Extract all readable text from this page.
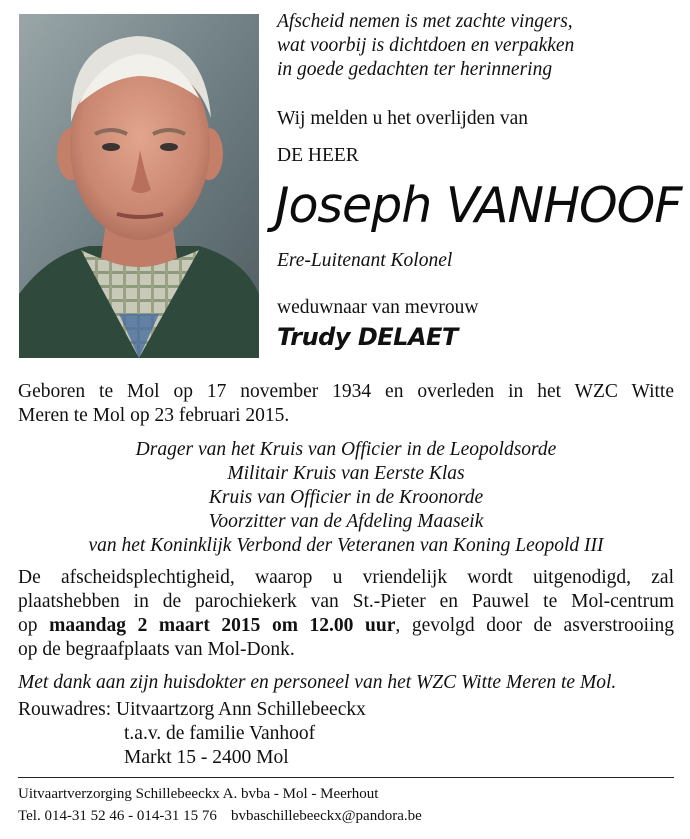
Afscheid nemen is met zachte vingers,
wat voorbij is dichtdoen en verpakken
in goede gedachten ter herinnering
Wij melden u het overlijden van
DE HEER
Joseph VANHOOF
Ere-Luitenant Kolonel
weduwnaar van mevrouw
Trudy DELAET
Geboren te Mol op 17 november 1934 en overleden in het WZC Witte
Meren te Mol op 23 februari 2015.
Drager van het Kruis van Officier in de Leopoldsorde
Militair Kruis van Eerste Klas
Kruis van Officier in de Kroonorde
Voorzitter van de Afdeling Maaseik
van het Koninklijk Verbond der Veteranen van Koning Leopold III
De afscheidsplechtigheid, waarop u vriendelijk wordt uitgenodigd, zal
plaatshebben in de parochiekerk van St.-Pieter en Pauwel te Mol-centrum
op maandag 2 maart 2015 om 12.00 uur, gevolgd door de asverstrooiing
op de begraafplaats van Mol-Donk.
Met dank aan zijn huisdokter en personeel van het WZC Witte Meren te Mol.
Rouwadres: Uitvaartzorg Ann Schillebeeckx
t.a.v. de familie Vanhoof
Markt 15 - 2400 Mol
Uitvaartverzorging Schillebeeckx A. bvba - Mol - Meerhout
Tel. 014-31 52 46 - 014-31 15 76 bvbaschillebeeckx@pandora.be
